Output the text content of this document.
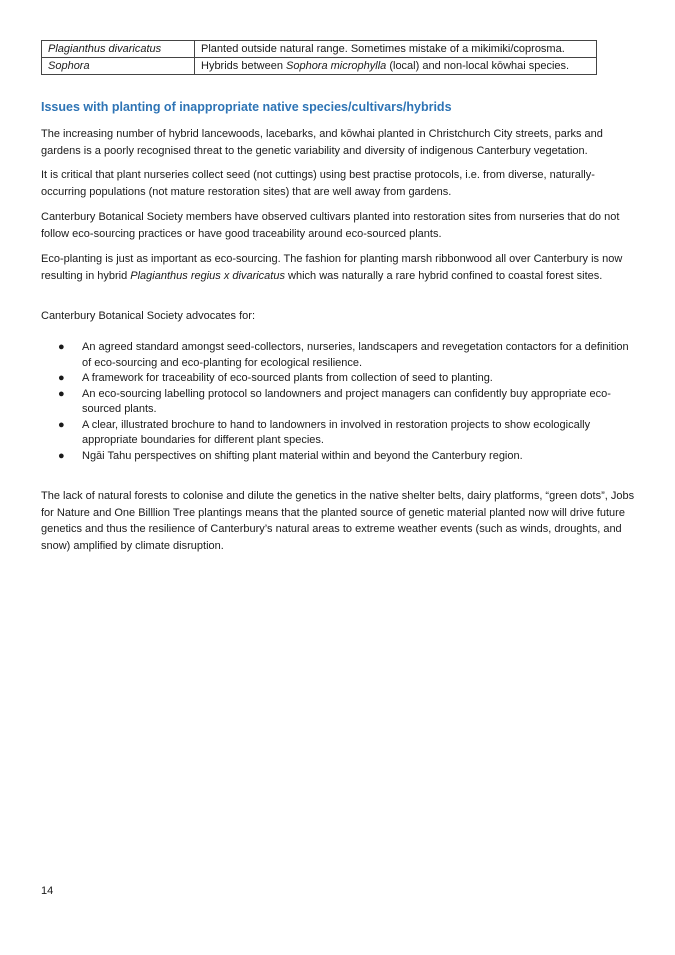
Plagianthus divaricatus	Planted outside natural range. Sometimes mistake of a mikimiki/coprosma.
Sophora	Hybrids between Sophora microphylla (local) and non-local kōwhai species.
Issues with planting of inappropriate native species/cultivars/hybrids

The increasing number of hybrid lancewoods, lacebarks, and kōwhai planted in Christchurch City streets, parks and gardens is a poorly recognised threat to the genetic variability and diversity of indigenous Canterbury vegetation.

It is critical that plant nurseries collect seed (not cuttings) using best practise protocols, i.e. from diverse, naturally-occurring populations (not mature restoration sites) that are well away from gardens.

Canterbury Botanical Society members have observed cultivars planted into restoration sites from nurseries that do not follow eco-sourcing practices or have good traceability around eco-sourced plants.

Eco-planting is just as important as eco-sourcing. The fashion for planting marsh ribbonwood all over Canterbury is now resulting in hybrid Plagianthus regius x divaricatus which was naturally a rare hybrid confined to coastal forest sites.

Canterbury Botanical Society advocates for:

● An agreed standard amongst seed-collectors, nurseries, landscapers and revegetation contactors for a definition of eco-sourcing and eco-planting for ecological resilience.
● A framework for traceability of eco-sourced plants from collection of seed to planting.
● An eco-sourcing labelling protocol so landowners and project managers can confidently buy appropriate eco-sourced plants.
● A clear, illustrated brochure to hand to landowners in involved in restoration projects to show ecologically appropriate boundaries for different plant species.
● Ngāi Tahu perspectives on shifting plant material within and beyond the Canterbury region.

The lack of natural forests to colonise and dilute the genetics in the native shelter belts, dairy platforms, “green dots”, Jobs for Nature and One Billlion Tree plantings means that the planted source of genetic material planted now will drive future genetics and thus the resilience of Canterbury’s natural areas to extreme weather events (such as winds, droughts, and snow) amplified by climate disruption.

14
